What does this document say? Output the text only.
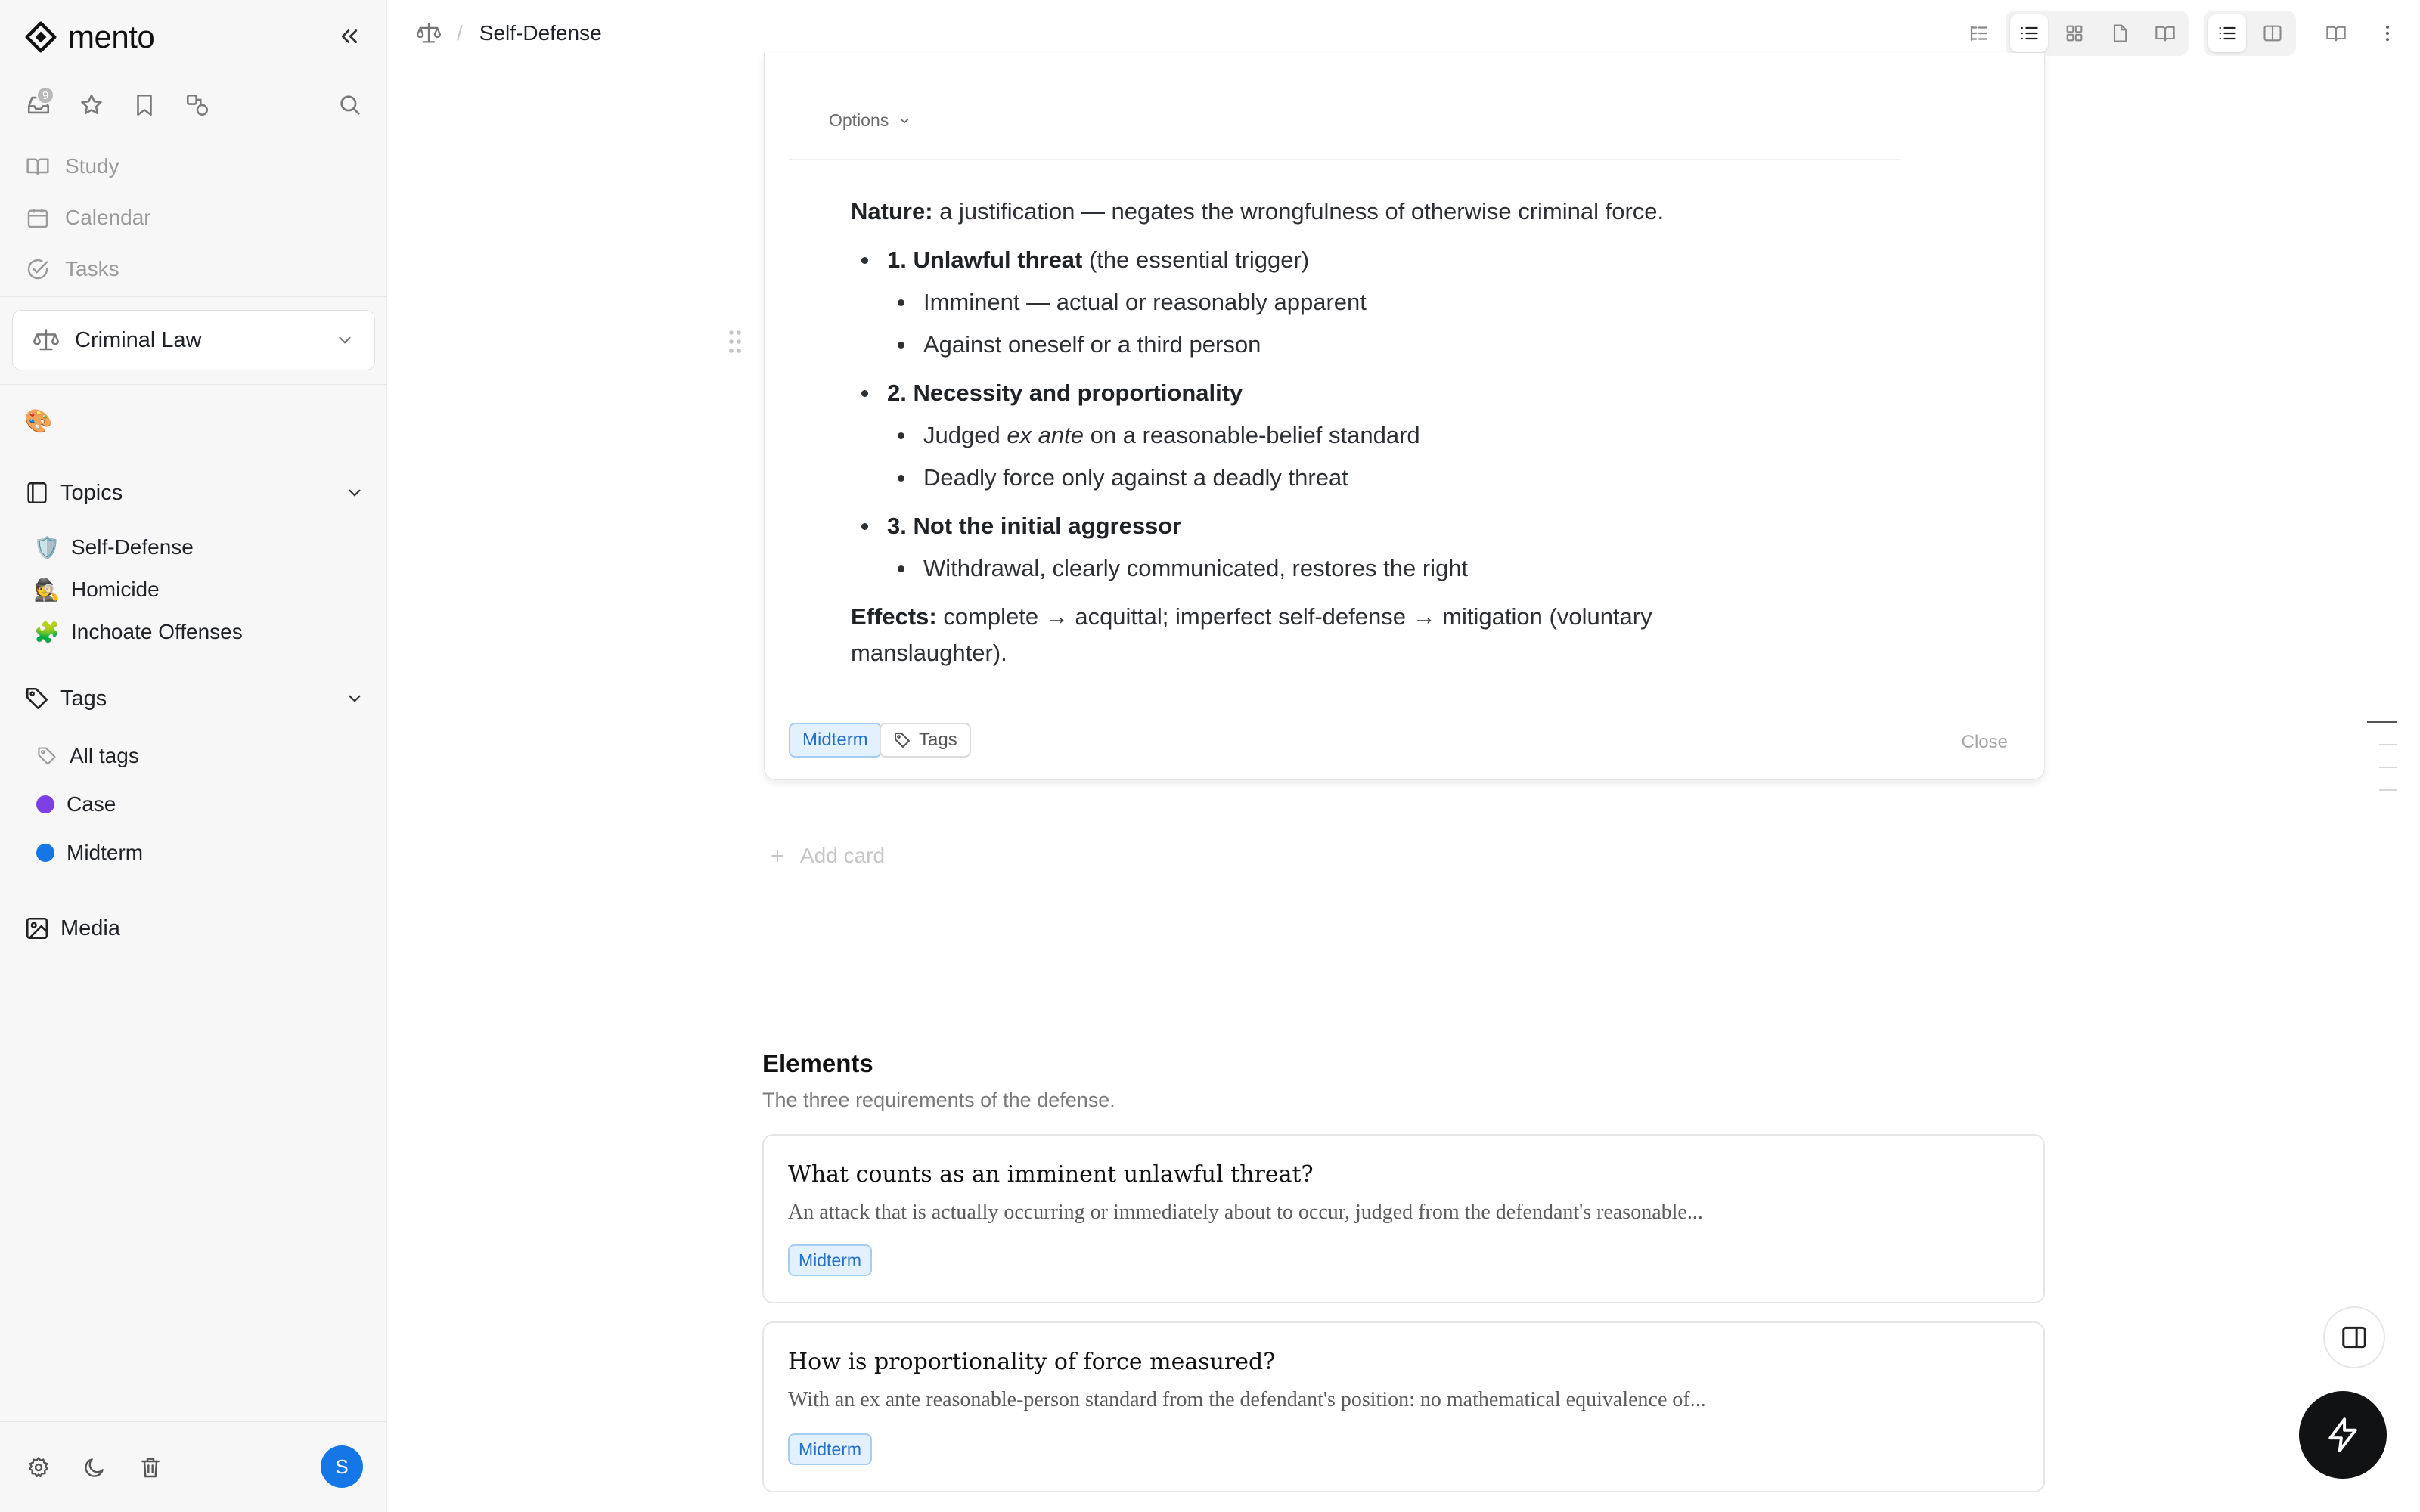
mento
9
Study
Calendar
Tasks
Criminal Law
🎨
Topics
🛡️ Self-Defense
🕵️ Homicide
🧩 Inchoate Offenses
Tags
All tags
Case
Midterm
Media
S
/ Self-Defense
Options

Nature: a justification — negates the wrongfulness of otherwise criminal force.

1. Unlawful threat (the essential trigger)
Imminent — actual or reasonably apparent
Against oneself or a third person
2. Necessity and proportionality
Judged ex ante on a reasonable-belief standard
Deadly force only against a deadly threat
3. Not the initial aggressor
Withdrawal, clearly communicated, restores the right

Effects: complete → acquittal; imperfect self-defense → mitigation (voluntary manslaughter).

Midterm	Tags	Close
Add card
Elements
The three requirements of the defense.
What counts as an imminent unlawful threat?
An attack that is actually occurring or immediately about to occur, judged from the defendant's reasonable...
Midterm
How is proportionality of force measured?
With an ex ante reasonable-person standard from the defendant's position: no mathematical equivalence of...
Midterm
